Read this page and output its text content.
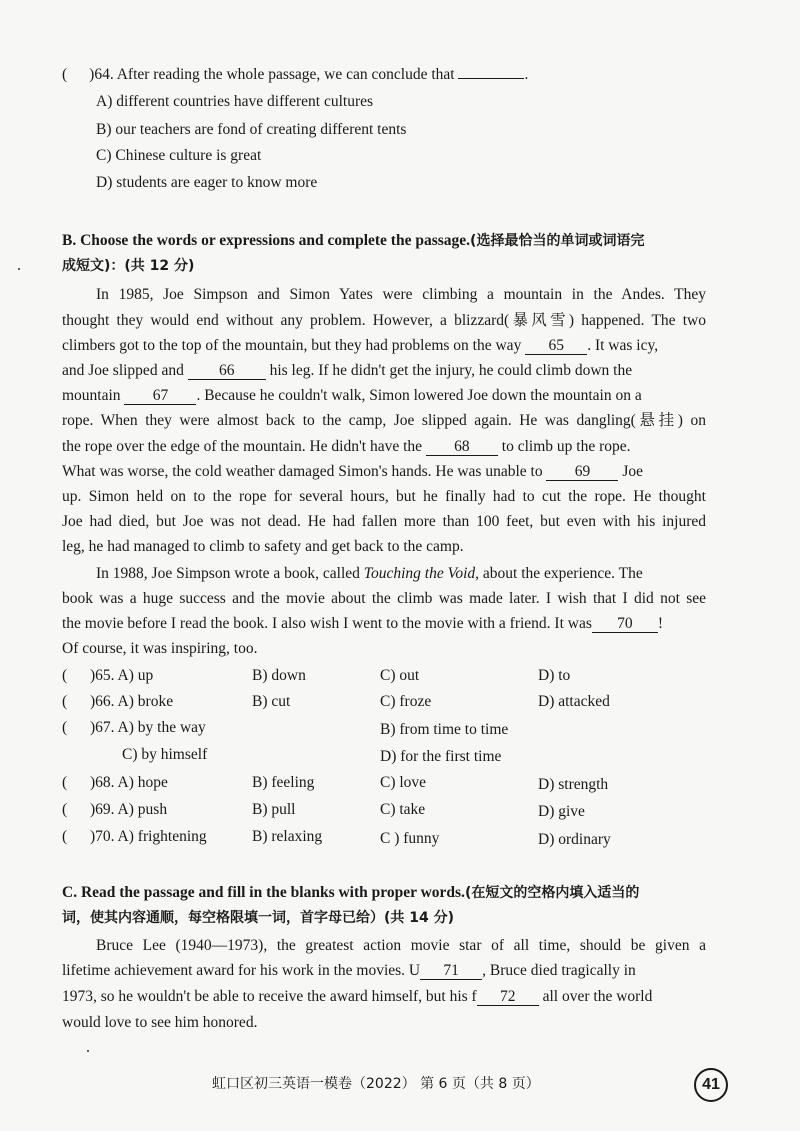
( )64. After reading the whole passage, we can conclude that	.
A) different countries have different cultures
B) our teachers are fond of creating different tents
C) Chinese culture is great
D) students are eager to know more
B. Choose the words or expressions and complete the passage.(选择最恰当的单词或词语完
成短文)：(共 12 分)
In 1985, Joe Simpson and Simon Yates were climbing a mountain in the Andes. They
thought they would end without any problem. However, a blizzard(暴风雪) happened. The two
climbers got to the top of the mountain, but they had problems on the way 65 . It was icy,
and Joe slipped and 66 his leg. If he didn't get the injury, he could climb down the
mountain 67 . Because he couldn't walk, Simon lowered Joe down the mountain on a
rope. When they were almost back to the camp, Joe slipped again. He was dangling(悬挂) on
the rope over the edge of the mountain. He didn't have the 68 to climb up the rope.
What was worse, the cold weather damaged Simon's hands. He was unable to 69 Joe
up. Simon held on to the rope for several hours, but he finally had to cut the rope. He thought
Joe had died, but Joe was not dead. He had fallen more than 100 feet, but even with his injured
leg, he had managed to climb to safety and get back to the camp.
In 1988, Joe Simpson wrote a book, called Touching the Void, about the experience. The
book was a huge success and the movie about the climb was made later. I wish that I did not see
the movie before I read the book. I also wish I went to the movie with a friend. It was 70 !
Of course, it was inspiring, too.
( )65. A) up	B) down	C) out	D) to
( )66. A) broke	B) cut	C) froze	D) attacked
( )67. A) by the way	B) from time to time
C) by himself	D) for the first time
( )68. A) hope	B) feeling	C) love	D) strength
( )69. A) push	B) pull	C) take	D) give
( )70. A) frightening	B) relaxing	C ) funny	D) ordinary
C. Read the passage and fill in the blanks with proper words.(在短文的空格内填入适当的
词，使其内容通顺，每空格限填一词，首字母已给）(共 14 分)
Bruce Lee (1940—1973), the greatest action movie star of all time, should be given a
lifetime achievement award for his work in the movies. U 71 , Bruce died tragically in
1973, so he wouldn't be able to receive the award himself, but his f 72 all over the world
would love to see him honored.
虹口区初三英语一模卷（2022） 第 6 页（共 8 页）	41
